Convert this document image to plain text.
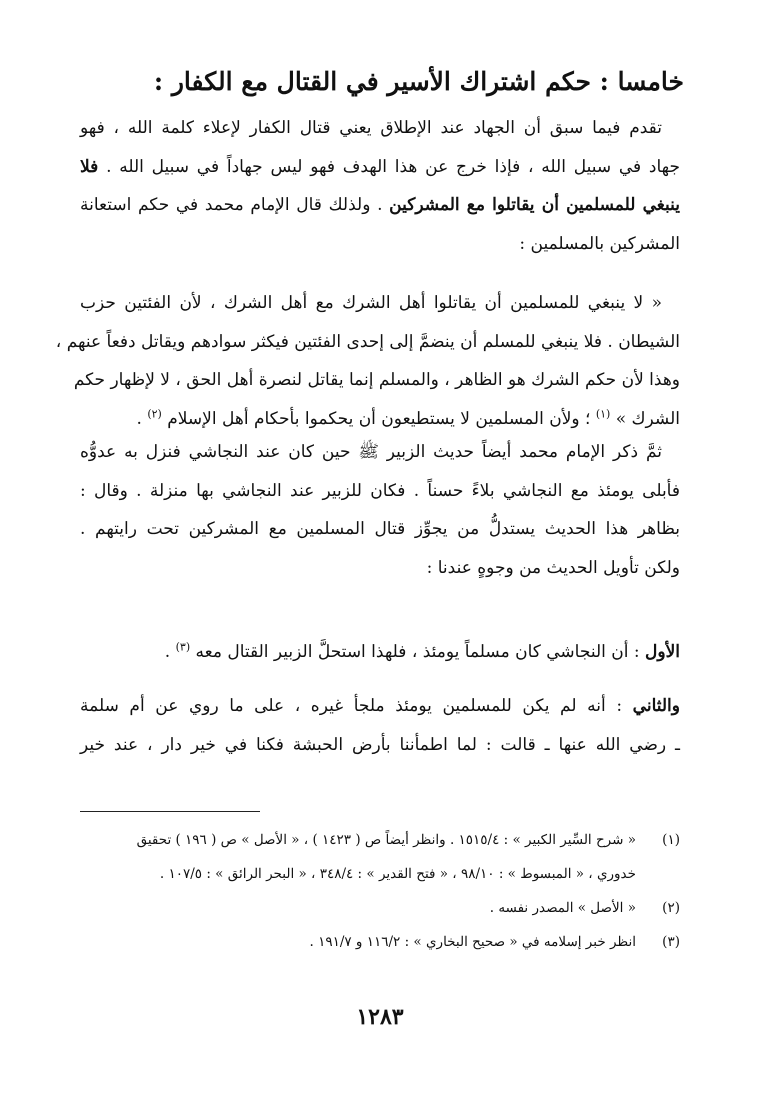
خامسا : حكم اشتراك الأسير في القتال مع الكفار :
تقدم فيما سبق أن الجهاد عند الإطلاق يعني قتال الكفار لإعلاء كلمة الله ، فهو
جهاد في سبيل الله ، فإذا خرج عن هذا الهدف فهو ليس جهاداً في سبيل الله . فلا
ينبغي للمسلمين أن يقاتلوا مع المشركين . ولذلك قال الإمام محمد في حكم استعانة
المشركين بالمسلمين :
« لا ينبغي للمسلمين أن يقاتلوا أهل الشرك مع أهل الشرك ، لأن الفئتين حزب
الشيطان . فلا ينبغي للمسلم أن ينضمَّ إلى إحدى الفئتين فيكثر سوادهم ويقاتل دفعاً عنهم ،
وهذا لأن حكم الشرك هو الظاهر ، والمسلم إنما يقاتل لنصرة أهل الحق ، لا لإظهار حكم
الشرك » $^{(١)}$ ؛ ولأن المسلمين لا يستطيعون أن يحكموا بأحكام أهل الإسلام $^{(٢)}$ .
ثمَّ ذكر الإمام محمد أيضاً حديث الزبير ﷺ حين كان عند النجاشي فنزل به عدوُّه
فأبلى يومئذ مع النجاشي بلاءً حسناً . فكان للزبير عند النجاشي بها منزلة . وقال :
بظاهر هذا الحديث يستدلُّ من يجوِّز قتال المسلمين مع المشركين تحت رايتهم .
ولكن تأويل الحديث من وجوهٍ عندنا :
الأول : أن النجاشي كان مسلماً يومئذ ، فلهذا استحلَّ الزبير القتال معه $^{(٣)}$ .
والثاني : أنه لم يكن للمسلمين يومئذ ملجأ غيره ، على ما روي عن أم سلمة
ـ رضي الله عنها ـ قالت : لما اطمأننا بأرض الحبشة فكنا في خير دار ، عند خير
(١)
« شرح السِّير الكبير » : ١٥١٥/٤ . وانظر أيضاً ص ( ١٤٢٣ ) ، « الأصل » ص ( ١٩٦ ) تحقيق
خدوري ، « المبسوط » : ٩٨/١٠ ، « فتح القدير » : ٣٤٨/٤ ، « البحر الرائق » : ١٠٧/٥ .
(٢)
« الأصل » المصدر نفسه .
(٣)
انظر خبر إسلامه في « صحيح البخاري » : ١١٦/٢ و ١٩١/٧ .
١٢٨٣
